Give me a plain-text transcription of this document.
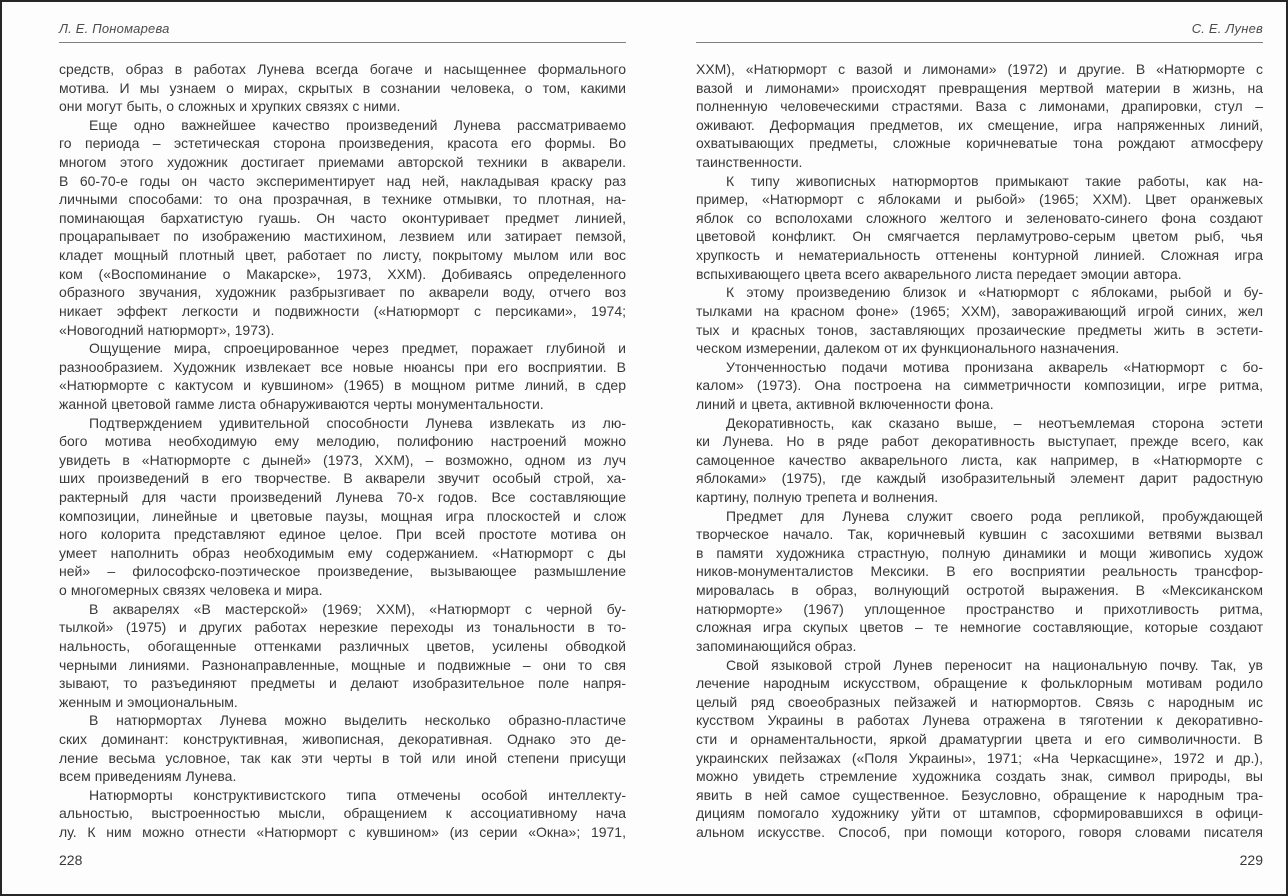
Л. Е. Пономарева
средств, образ в работах Лунева всегда богаче и насыщеннее формального
мотива. И мы узнаем о мирах, скрытых в сознании человека, о том, какими
они могут быть, о сложных и хрупких связях с ними.
Еще одно важнейшее качество произведений Лунева рассматриваемо
го периода – эстетическая сторона произведения, красота его формы. Во
многом этого художник достигает приемами авторской техники в акварели.
В 60-70-е годы он часто экспериментирует над ней, накладывая краску раз
личными способами: то она прозрачная, в технике отмывки, то плотная, на-
поминающая бархатистую гуашь. Он часто оконтуривает предмет линией,
процарапывает по изображению мастихином, лезвием или затирает пемзой,
кладет мощный плотный цвет, работает по листу, покрытому мылом или вос
ком («Воспоминание о Макарске», 1973, ХХМ). Добиваясь определенного
образного звучания, художник разбрызгивает по акварели воду, отчего воз
никает эффект легкости и подвижности («Натюрморт с персиками», 1974;
«Новогодний натюрморт», 1973).
Ощущение мира, спроецированное через предмет, поражает глубиной и
разнообразием. Художник извлекает все новые нюансы при его восприятии. В
«Натюрморте с кактусом и кувшином» (1965) в мощном ритме линий, в сдер
жанной цветовой гамме листа обнаруживаются черты монументальности.
Подтверждением удивительной способности Лунева извлекать из лю-
бого мотива необходимую ему мелодию, полифонию настроений можно
увидеть в «Натюрморте с дыней» (1973, ХХМ), – возможно, одном из луч
ших произведений в его творчестве. В акварели звучит особый строй, ха-
рактерный для части произведений Лунева 70-х годов. Все составляющие
композиции, линейные и цветовые паузы, мощная игра плоскостей и слож
ного колорита представляют единое целое. При всей простоте мотива он
умеет наполнить образ необходимым ему содержанием. «Натюрморт с ды
ней» – философско-поэтическое произведение, вызывающее размышление
о многомерных связях человека и мира.
В акварелях «В мастерской» (1969; ХХМ), «Натюрморт с черной бу-
тылкой» (1975) и других работах нерезкие переходы из тональности в то-
нальность, обогащенные оттенками различных цветов, усилены обводкой
черными линиями. Разнонаправленные, мощные и подвижные – они то свя
зывают, то разъединяют предметы и делают изобразительное поле напря-
женным и эмоциональным.
В натюрмортах Лунева можно выделить несколько образно-пластиче
ских доминант: конструктивная, живописная, декоративная. Однако это де-
ление весьма условное, так как эти черты в той или иной степени присущи
всем приведениям Лунева.
Натюрморты конструктивистского типа отмечены особой интеллекту-
альностью, выстроенностью мысли, обращением к ассоциативному нача
лу. К ним можно отнести «Натюрморт с кувшином» (из серии «Окна»; 1971,
228
С. Е. Лунев
ХХМ), «Натюрморт с вазой и лимонами» (1972) и другие. В «Натюрморте с
вазой и лимонами» происходят превращения мертвой материи в жизнь, на
полненную человеческими страстями. Ваза с лимонами, драпировки, стул –
оживают. Деформация предметов, их смещение, игра напряженных линий,
охватывающих предметы, сложные коричневатые тона рождают атмосферу
таинственности.
К типу живописных натюрмортов примыкают такие работы, как на-
пример, «Натюрморт с яблоками и рыбой» (1965; ХХМ). Цвет оранжевых
яблок со всполохами сложного желтого и зеленовато-синего фона создают
цветовой конфликт. Он смягчается перламутрово-серым цветом рыб, чья
хрупкость и нематериальность оттенены контурной линией. Сложная игра
вспыхивающего цвета всего акварельного листа передает эмоции автора.
К этому произведению близок и «Натюрморт с яблоками, рыбой и бу-
тылками на красном фоне» (1965; ХХМ), завораживающий игрой синих, жел
тых и красных тонов, заставляющих прозаические предметы жить в эстети-
ческом измерении, далеком от их функционального назначения.
Утонченностью подачи мотива пронизана акварель «Натюрморт с бо-
калом» (1973). Она построена на симметричности композиции, игре ритма,
линий и цвета, активной включенности фона.
Декоративность, как сказано выше, – неотъемлемая сторона эстети
ки Лунева. Но в ряде работ декоративность выступает, прежде всего, как
самоценное качество акварельного листа, как например, в «Натюрморте с
яблоками» (1975), где каждый изобразительный элемент дарит радостную
картину, полную трепета и волнения.
Предмет для Лунева служит своего рода репликой, пробуждающей
творческое начало. Так, коричневый кувшин с засохшими ветвями вызвал
в памяти художника страстную, полную динамики и мощи живопись худож
ников-монументалистов Мексики. В его восприятии реальность трансфор-
мировалась в образ, волнующий остротой выражения. В «Мексиканском
натюрморте» (1967) уплощенное пространство и прихотливость ритма,
сложная игра скупых цветов – те немногие составляющие, которые создают
запоминающийся образ.
Свой языковой строй Лунев переносит на национальную почву. Так, ув
лечение народным искусством, обращение к фольклорным мотивам родило
целый ряд своеобразных пейзажей и натюрмортов. Связь с народным ис
кусством Украины в работах Лунева отражена в тяготении к декоративно-
сти и орнаментальности, яркой драматургии цвета и его символичности. В
украинских пейзажах («Поля Украины», 1971; «На Черкасщине», 1972 и др.),
можно увидеть стремление художника создать знак, символ природы, вы
явить в ней самое существенное. Безусловно, обращение к народным тра-
дициям помогало художнику уйти от штампов, сформировавшихся в офици-
альном искусстве. Способ, при помощи которого, говоря словами писателя
229
